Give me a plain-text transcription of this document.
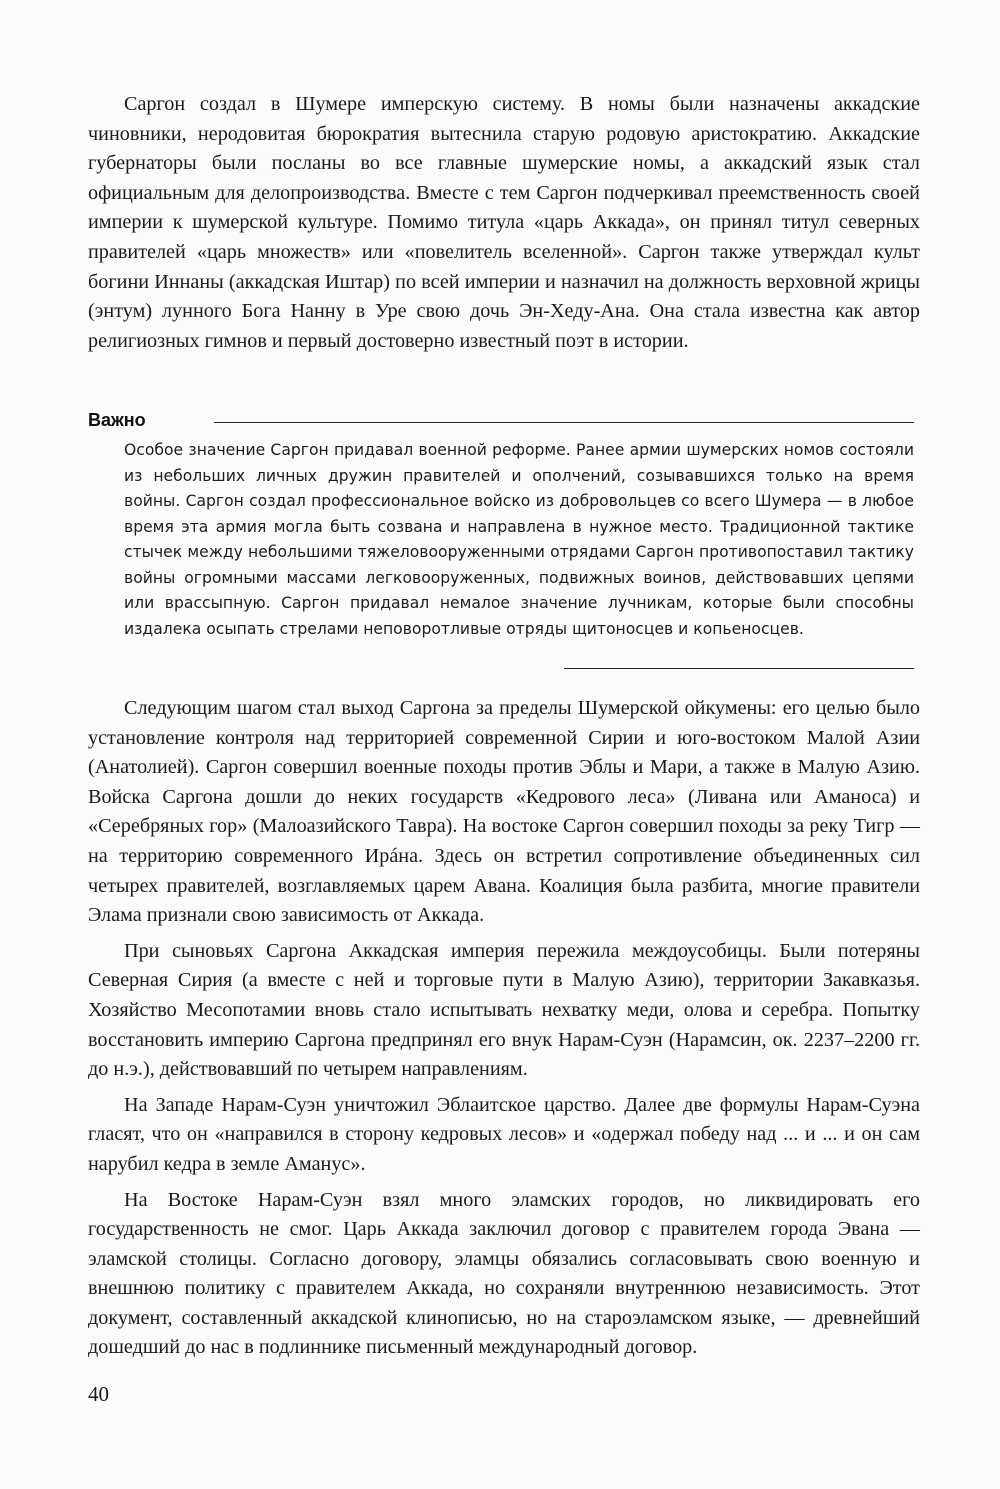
Саргон создал в Шумере имперскую систему. В номы были назначены аккадские чиновники, неродовитая бюрократия вытеснила старую родовую аристократию. Аккадские губернаторы были посланы во все главные шумерские номы, а аккадский язык стал официальным для делопроизводства. Вместе с тем Саргон подчеркивал преемственность своей империи к шумерской культуре. Помимо титула «царь Аккада», он принял титул северных правителей «царь множеств» или «повелитель вселенной». Саргон также утверждал культ богини Иннаны (аккадская Иштар) по всей империи и назначил на должность верховной жрицы (энтум) лунного Бога Нанну в Уре свою дочь Эн-Хеду-Ана. Она стала известна как автор религиозных гимнов и первый достоверно известный поэт в истории.

Важно

Особое значение Саргон придавал военной реформе. Ранее армии шумерских номов состояли из небольших личных дружин правителей и ополчений, созывавшихся только на время войны. Саргон создал профессиональное войско из добровольцев со всего Шумера — в любое время эта армия могла быть созвана и направлена в нужное место. Традиционной тактике стычек между небольшими тяжеловооруженными отрядами Саргон противопоставил тактику войны огромными массами легковооруженных, подвижных воинов, действовавших цепями или врассыпную. Саргон придавал немалое значение лучникам, которые были способны издалека осыпать стрелами неповоротливые отряды щитоносцев и копьеносцев.

Следующим шагом стал выход Саргона за пределы Шумерской ойкумены: его целью было установление контроля над территорией современной Сирии и юго-востоком Малой Азии (Анатолией). Саргон совершил военные походы против Эблы и Мари, а также в Малую Азию. Войска Саргона дошли до неких государств «Кедрового леса» (Ливана или Аманоса) и «Серебряных гор» (Малоазийского Тавра). На востоке Саргон совершил походы за реку Тигр — на территорию современного Ирáна. Здесь он встретил сопротивление объединенных сил четырех правителей, возглавляемых царем Авана. Коалиция была разбита, многие правители Элама признали свою зависимость от Аккада.

При сыновьях Саргона Аккадская империя пережила междоусобицы. Были потеряны Северная Сирия (а вместе с ней и торговые пути в Малую Азию), территории Закавказья. Хозяйство Месопотамии вновь стало испытывать нехватку меди, олова и серебра. Попытку восстановить империю Саргона предпринял его внук Нарам-Суэн (Нарамсин, ок. 2237–2200 гг. до н.э.), действовавший по четырем направлениям.

На Западе Нарам-Суэн уничтожил Эблаитское царство. Далее две формулы Нарам-Суэна гласят, что он «направился в сторону кедровых лесов» и «одержал победу над ... и ... и он сам нарубил кедра в земле Аманус».

На Востоке Нарам-Суэн взял много эламских городов, но ликвидировать его государственность не смог. Царь Аккада заключил договор с правителем города Эвана — эламской столицы. Согласно договору, эламцы обязались согласовывать свою военную и внешнюю политику с правителем Аккада, но сохраняли внутреннюю независимость. Этот документ, составленный аккадской клинописью, но на староэламском языке, — древнейший дошедший до нас в подлиннике письменный международный договор.

40
